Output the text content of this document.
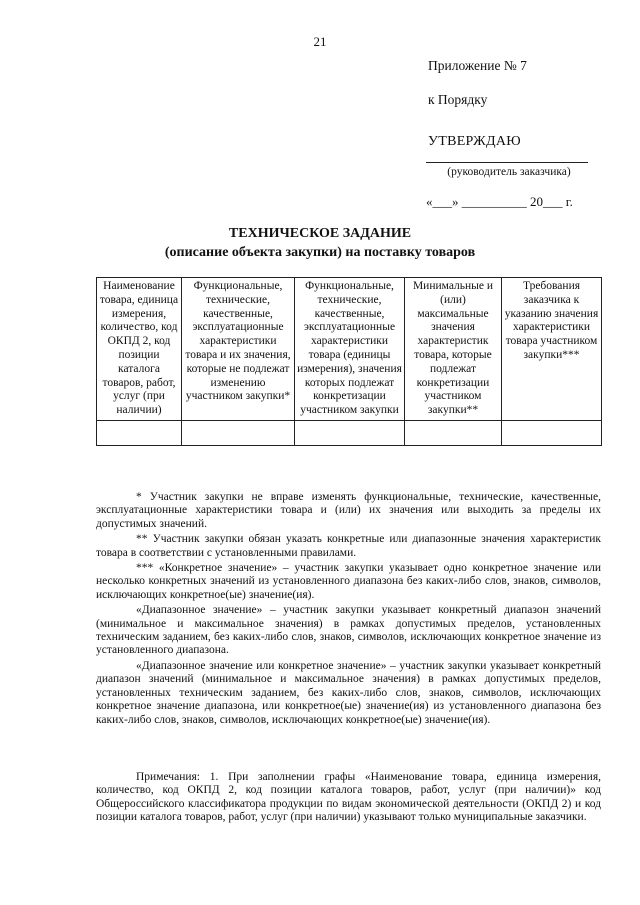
21
Приложение № 7
к Порядку
УТВЕРЖДАЮ
(руководитель заказчика)
«___» __________ 20___ г.
ТЕХНИЧЕСКОЕ ЗАДАНИЕ
(описание объекта закупки) на поставку товаров
Наименование товара, единица измерения, количество, код ОКПД 2, код позиции каталога товаров, работ, услуг (при наличии)	Функциональные, технические, качественные, эксплуатационные характеристики товара и их значения, которые не подлежат изменению участником закупки*	Функциональные, технические, качественные, эксплуатационные характеристики товара (единицы измерения), значения которых подлежат конкретизации участником закупки	Минимальные и (или) максимальные значения характеристик товара, которые подлежат конкретизации участником закупки**	Требования заказчика к указанию значения характеристики товара участником закупки***

* Участник закупки не вправе изменять функциональные, технические, качественные, эксплуатационные характеристики товара и (или) их значения или выходить за пределы их допустимых значений.

** Участник закупки обязан указать конкретные или диапазонные значения характеристик товара в соответствии с установленными правилами.

*** «Конкретное значение» – участник закупки указывает одно конкретное значение или несколько конкретных значений из установленного диапазона без каких-либо слов, знаков, символов, исключающих конкретное(ые) значение(ия).

«Диапазонное значение» – участник закупки указывает конкретный диапазон значений (минимальное и максимальное значения) в рамках допустимых пределов, установленных техническим заданием, без каких-либо слов, знаков, символов, исключающих конкретное значение из установленного диапазона.

«Диапазонное значение или конкретное значение» – участник закупки указывает конкретный диапазон значений (минимальное и максимальное значения) в рамках допустимых пределов, установленных техническим заданием, без каких-либо слов, знаков, символов, исключающих конкретное значение диапазона, или конкретное(ые) значение(ия) из установленного диапазона без каких-либо слов, знаков, символов, исключающих конкретное(ые) значение(ия).

Примечания: 1. При заполнении графы «Наименование товара, единица измерения, количество, код ОКПД 2, код позиции каталога товаров, работ, услуг (при наличии)» код Общероссийского классификатора продукции по видам экономической деятельности (ОКПД 2) и код позиции каталога товаров, работ, услуг (при наличии) указывают только муниципальные заказчики.
